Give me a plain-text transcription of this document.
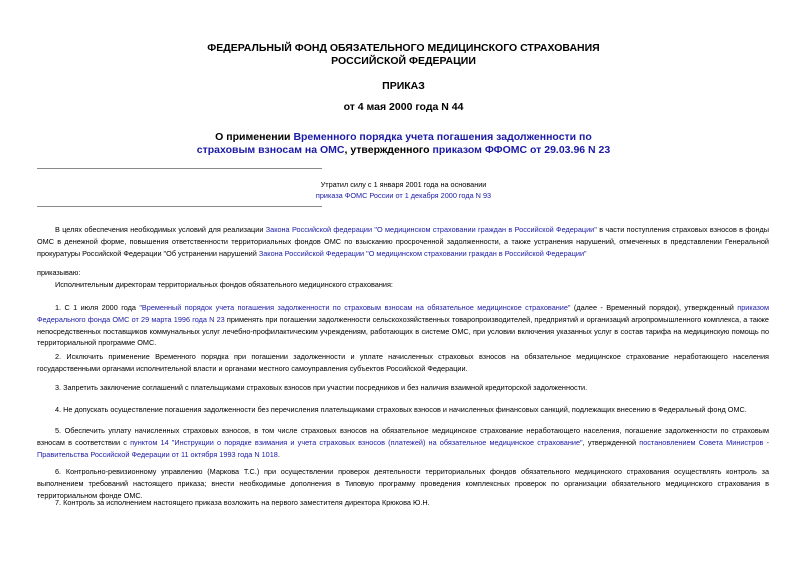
ФЕДЕРАЛЬНЫЙ ФОНД ОБЯЗАТЕЛЬНОГО МЕДИЦИНСКОГО СТРАХОВАНИЯ
РОССИЙСКОЙ ФЕДЕРАЦИИ
ПРИКАЗ
от 4 мая 2000 года N 44
О применении Временного порядка учета погашения задолженности по
страховым взносам на ОМС, утвержденного приказом ФФОМС от 29.03.96 N 23
Утратил силу с 1 января 2001 года на основании
приказа ФОМС России от 1 декабря 2000 года N 93
В целях обеспечения необходимых условий для реализации Закона Российской федерации "О медицинском страховании граждан в Российской Федерации" в части поступления страховых взносов в фонды ОМС в денежной форме, повышения ответственности территориальных фондов ОМС по взысканию просроченной задолженности, а также устранения нарушений, отмеченных в представлении Генеральной прокуратуры Российской Федерации "Об устранении нарушений Закона Российской Федерации "О медицинском страховании граждан в Российской Федерации"
приказываю:
Исполнительным директорам территориальных фондов обязательного медицинского страхования:
1. С 1 июля 2000 года "Временный порядок учета погашения задолженности по страховым взносам на обязательное медицинское страхование" (далее - Временный порядок), утвержденный приказом Федерального фонда ОМС от 29 марта 1996 года N 23 применять при погашении задолженности сельскохозяйственных товаропроизводителей, предприятий и организаций агропромышленного комплекса, а также непосредственных поставщиков коммунальных услуг лечебно-профилактическим учреждениям, работающих в системе ОМС, при условии включения указанных услуг в состав тарифа на медицинскую помощь по территориальной программе ОМС.
2. Исключить применение Временного порядка при погашении задолженности и уплате начисленных страховых взносов на обязательное медицинское страхование неработающего населения государственными органами исполнительной власти и органами местного самоуправления субъектов Российской Федерации.
3. Запретить заключение соглашений с плательщиками страховых взносов при участии посредников и без наличия взаимной кредиторской задолженности.
4. Не допускать осуществление погашения задолженности без перечисления плательщиками страховых взносов и начисленных финансовых санкций, подлежащих внесению в Федеральный фонд ОМС.
5. Обеспечить уплату начисленных страховых взносов, в том числе страховых взносов на обязательное медицинское страхование неработающего населения, погашение задолженности по страховым взносам в соответствии с пунктом 14 "Инструкции о порядке взимания и учета страховых взносов (платежей) на обязательное медицинское страхование", утвержденной постановлением Совета Министров - Правительства Российской Федерации от 11 октября 1993 года N 1018.
6. Контрольно-ревизионному управлению (Маркова Т.С.) при осуществлении проверок деятельности территориальных фондов обязательного медицинского страхования осуществлять контроль за выполнением требований настоящего приказа; внести необходимые дополнения в Типовую программу проведения комплексных проверок по организации обязательного медицинского страхования в территориальном фонде ОМС.
7. Контроль за исполнением настоящего приказа возложить на первого заместителя директора Крюкова Ю.Н.
